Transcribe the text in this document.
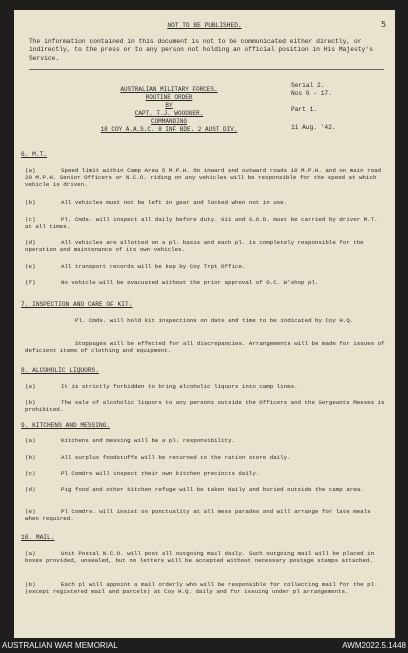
NOT TO BE PUBLISHED.	5
The information contained in this document is not to be communicated either directly, or indirectly, to the press or to any person not holding an official position in His Majesty's Service.
AUSTRALIAN MILITARY FORCES.
ROUTINE ORDER
BY
CAPT. T.J. WOODGER.
COMMANDING
18 COY A.A.S.C. 8 INF BDE. 2 AUST DIV.
Serial 2.
Nos 6 - 17.
Part 1.
11 Aug. '42.
6. M.T.
(a)	Speed limit within Camp Area 5 M.P.H. On inward and outward roads 10 M.P.H. and on main road 20 M.P.H. Senior Officers or N.C.O. riding on any vehicles will be responsible for the speed at which vehicle is driven.
(b)	All vehicles must not be left in gear and locked when not in use.
(c)	Pl. Cmds. will inspect all daily before duty. G11 and S.O.D. must be carried by driver M.T. at all times.
(d)	All vehicles are allotted on a pl. basis and each pl. is completely responsible for the operation and maintenance of its own vehicles.
(e)	All transport records will be kep by Coy Trpt Office.
(f)	No vehicle will be evacuated without the prior approval of O.C. W'shop pl.
7. INSPECTION AND CARE OF KIT.
Pl. Cmds. will hold kit inspections on date and time to be indicated by Coy H.Q.
Stoppages will be effected for all discrepancies. Arrangements will be made for issues of deficient items of clothing and equipment.
8. ALCOHOLIC LIQUORS.
(a)	It is strictly forbidden to bring alcoholic liquors into camp lines.
(b)	The sale of alcoholic liquors to any persons outside the Officers and the Sergeants Messes is prohibited.
9. KITCHENS AND MESSING.
(a)	Kitchens and messing will be a pl. responsibility.
(b)	All surplus foodstuffs will be returned to the ration store daily.
(c)	Pl Comdrs will inspect their own kitchen precincts daily.
(d)	Pig food and other kitchen refuge will be taken daily and buried outside the camp area.
(e)	Pl Comdrs. will insist on punctuality at all mess parades and will arrange for late meals when required.
10. MAIL.
(a)	Unit Postal N.C.O. will post all outgoing mail daily. Such outgoing mail will be placed in boxes provided, unsealed, but no letters will be accepted without necessary postage stamps attached.
(b)	Each pl will appoint a mail orderly who will be responsible for collecting mail for the pl. (except registered mail and parcels) at Coy H.Q. daily and for issuing under pl arrangements.
AUSTRALIAN WAR MEMORIAL	AWM2022.5.1448
